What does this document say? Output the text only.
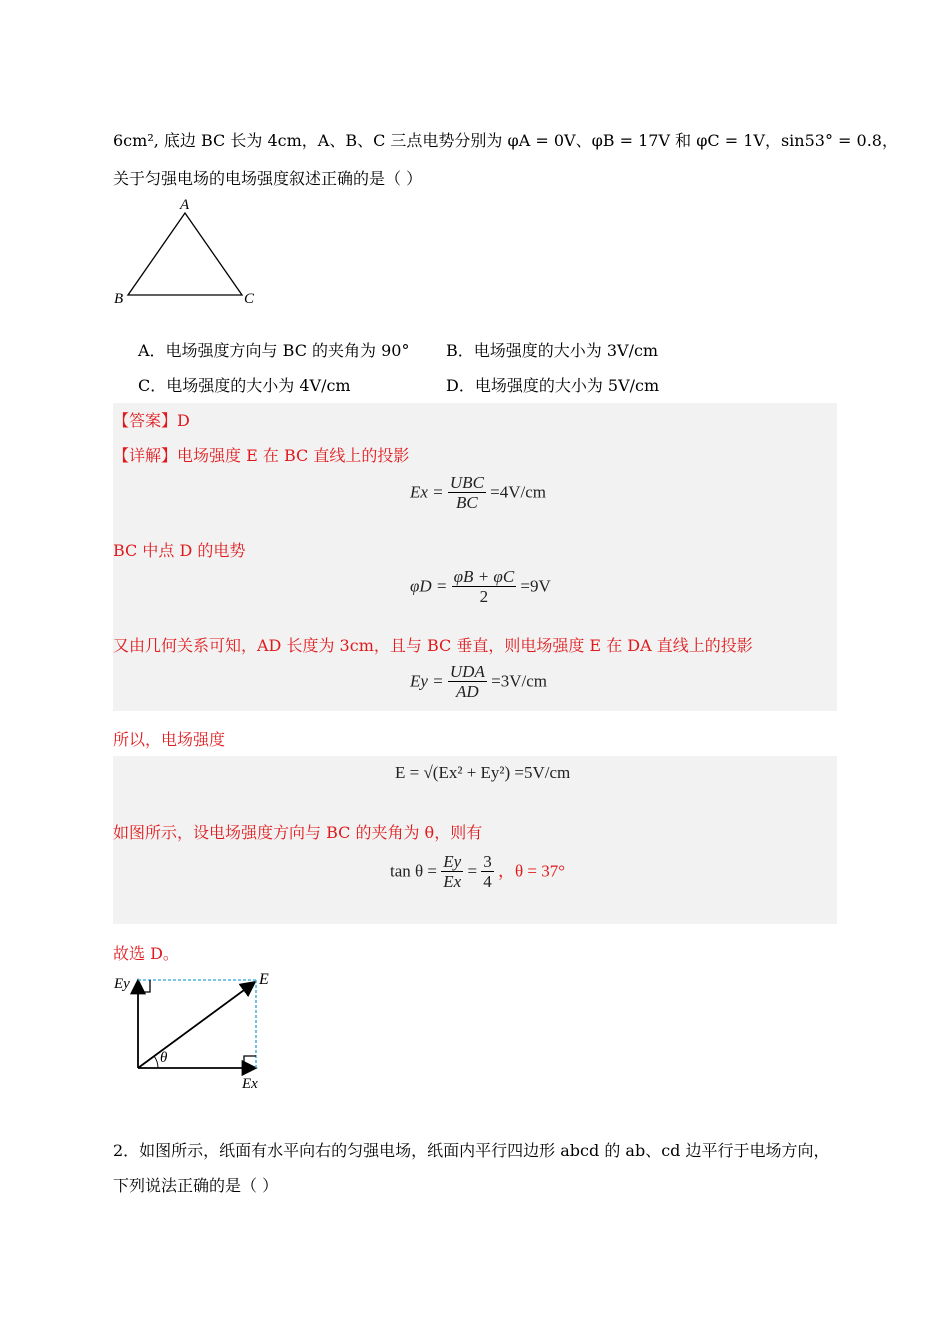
6cm², 底边 BC 长为 4cm，A、B、C 三点电势分别为 φA = 0V、φB = 17V 和 φC = 1V，sin53° = 0.8，
关于匀强电场的电场强度叙述正确的是（ ）
A
B	C
A．电场强度方向与 BC 的夹角为 90° B．电场强度的大小为 3V/cm
C．电场强度的大小为 4V/cm	D．电场强度的大小为 5V/cm
【答案】D
【详解】电场强度 E 在 BC 直线上的投影
$Ex = \frac{\text{UBC}}{BC} =4V/cm$
BC 中点 D 的电势
$\varphi D = \frac{\varphi B + \varphi C}{2} =9V$
又由几何关系可知，AD 长度为 3cm，且与 BC 垂直，则电场强度 E 在 DA 直线上的投影
$Ey = \frac{\text{UDA}}{AD} =3V/cm$
所以，电场强度
E = √(Ex² + Ey²) =5V/cm
如图所示，设电场强度方向与 BC 的夹角为 θ，则有
$\tan \theta = \frac{Ey}{Ex} = \frac{3}{4}$ ，θ = 37°
故选 D。
E
Ey
Ex
θ
2．如图所示，纸面有水平向右的匀强电场，纸面内平行四边形 abcd 的 ab、cd 边平行于电场方向，
下列说法正确的是（ ）
